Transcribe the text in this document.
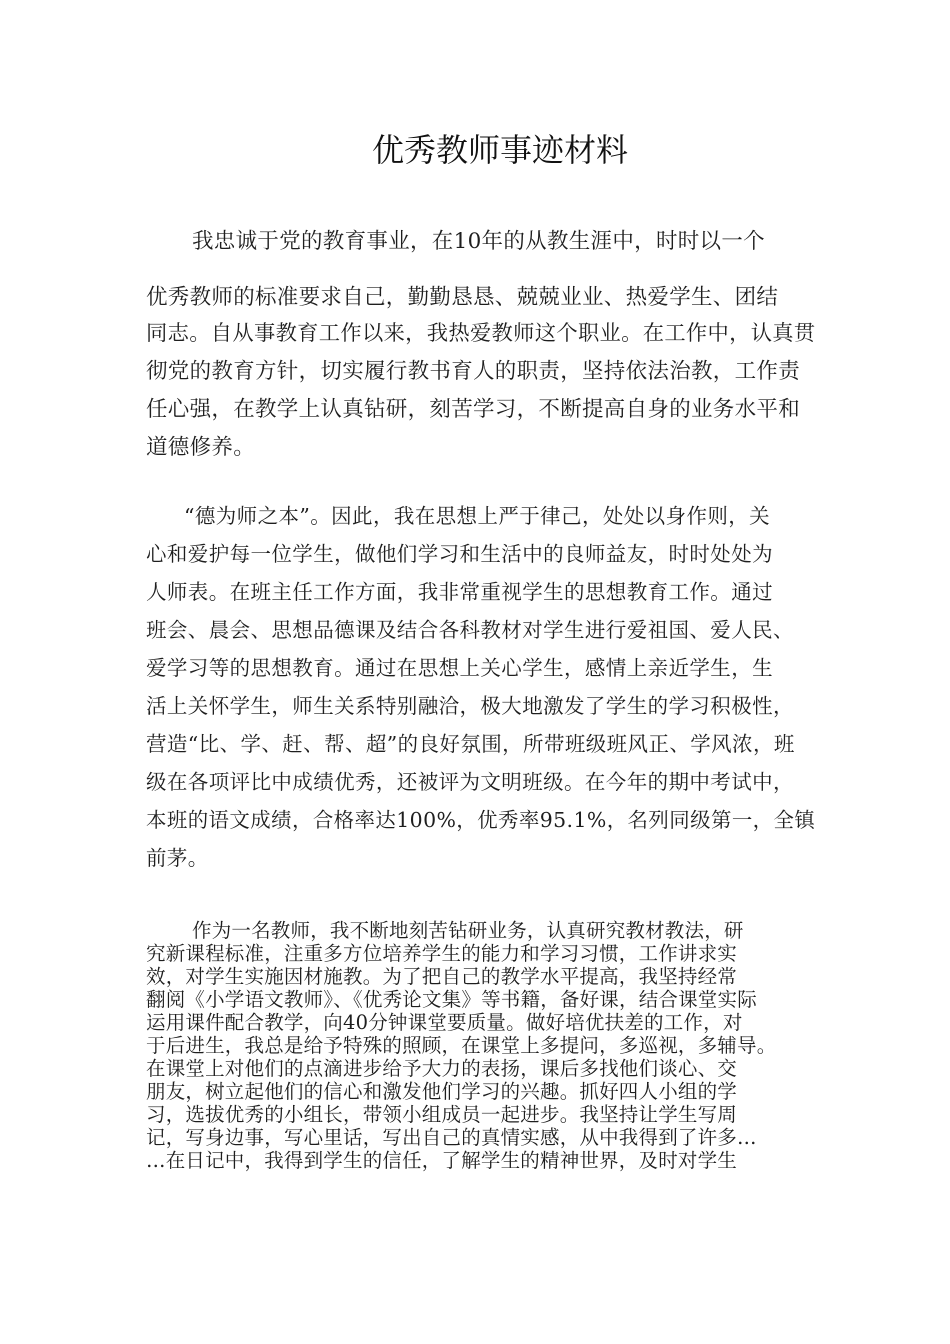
优秀教师事迹材料
我忠诚于党的教育事业，在10年的从教生涯中，时时以一个
优秀教师的标准要求自己，勤勤恳恳、兢兢业业、热爱学生、团结
同志。自从事教育工作以来，我热爱教师这个职业。在工作中，认真贯
彻党的教育方针，切实履行教书育人的职责，坚持依法治教，工作责
任心强，在教学上认真钻研，刻苦学习，不断提高自身的业务水平和
道德修养。
“德为师之本”。因此，我在思想上严于律己，处处以身作则，关
心和爱护每一位学生，做他们学习和生活中的良师益友，时时处处为
人师表。在班主任工作方面，我非常重视学生的思想教育工作。通过
班会、晨会、思想品德课及结合各科教材对学生进行爱祖国、爱人民、
爱学习等的思想教育。通过在思想上关心学生，感情上亲近学生，生
活上关怀学生，师生关系特别融洽，极大地激发了学生的学习积极性，
营造“比、学、赶、帮、超”的良好氛围，所带班级班风正、学风浓，班
级在各项评比中成绩优秀，还被评为文明班级。在今年的期中考试中，
本班的语文成绩，合格率达100%，优秀率95.1%，名列同级第一，全镇
前茅。
作为一名教师，我不断地刻苦钻研业务，认真研究教材教法，研
究新课程标准，注重多方位培养学生的能力和学习习惯，工作讲求实
效，对学生实施因材施教。为了把自己的教学水平提高，我坚持经常
翻阅《小学语文教师》、《优秀论文集》等书籍，备好课，结合课堂实际
运用课件配合教学，向40分钟课堂要质量。做好培优扶差的工作，对
于后进生，我总是给予特殊的照顾，在课堂上多提问，多巡视，多辅导。
在课堂上对他们的点滴进步给予大力的表扬，课后多找他们谈心、交
朋友，树立起他们的信心和激发他们学习的兴趣。抓好四人小组的学
习，选拔优秀的小组长，带领小组成员一起进步。我坚持让学生写周
记，写身边事，写心里话，写出自己的真情实感，从中我得到了许多…
…在日记中，我得到学生的信任，了解学生的精神世界，及时对学生
